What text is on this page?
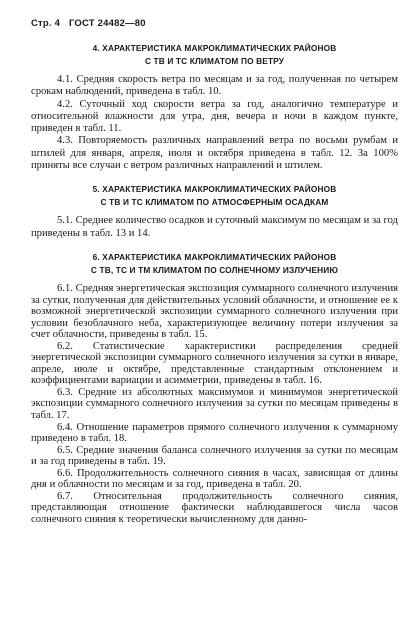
Стр. 4 ГОСТ 24482—80
4. ХАРАКТЕРИСТИКА МАКРОКЛИМАТИЧЕСКИХ РАЙОНОВ
С ТВ И ТС КЛИМАТОМ ПО ВЕТРУ

4.1. Средняя скорость ветра по месяцам и за год, полученная по четырем срокам наблюдений, приведена в табл. 10.

4.2. Суточный ход скорости ветра за год, аналогично температуре и относительной влажности для утра, дня, вечера и ночи в каждом пункте, приведен в табл. 11.

4.3. Повторяемость различных направлений ветра по восьми румбам и штилей для января, апреля, июля и октября приведена в табл. 12. За 100% приняты все случаи с ветром различных направлений и штилем.

5. ХАРАКТЕРИСТИКА МАКРОКЛИМАТИЧЕСКИХ РАЙОНОВ
С ТВ И ТС КЛИМАТОМ ПО АТМОСФЕРНЫМ ОСАДКАМ

5.1. Среднее количество осадков и суточный максимум по месяцам и за год приведены в табл. 13 и 14.

6. ХАРАКТЕРИСТИКА МАКРОКЛИМАТИЧЕСКИХ РАЙОНОВ
С ТВ, ТС И ТМ КЛИМАТОМ ПО СОЛНЕЧНОМУ ИЗЛУЧЕНИЮ

6.1. Средняя энергетическая экспозиция суммарного солнечного излучения за сутки, полученная для действительных условий облачности, и отношение ее к возможной энергетической экспозиции суммарного солнечного излучения при условии безоблачного неба, характеризующее величину потери излучения за счет облачности, приведены в табл. 15.

6.2. Статистические характеристики распределения средней энергетической экспозиции суммарного солнечного излучения за сутки в январе, апреле, июле и октябре, представленные стандартным отклонением и коэффициентами вариации и асимметрии, приведены в табл. 16.

6.3. Средние из абсолютных максимумов и минимумов энергетической экспозиции суммарного солнечного излучения за сутки по месяцам приведены в табл. 17.

6.4. Отношение параметров прямого солнечного излучения к суммарному приведено в табл. 18.

6.5. Средние значения баланса солнечного излучения за сутки по месяцам и за год приведены в табл. 19.

6.6. Продолжительность солнечного сияния в часах, зависящая от длины дня и облачности по месяцам и за год, приведена в табл. 20.

6.7. Относительная продолжительность солнечного сияния, представляющая отношение фактически наблюдавшегося числа часов солнечного сияния к теоретически вычисленному для данно-
